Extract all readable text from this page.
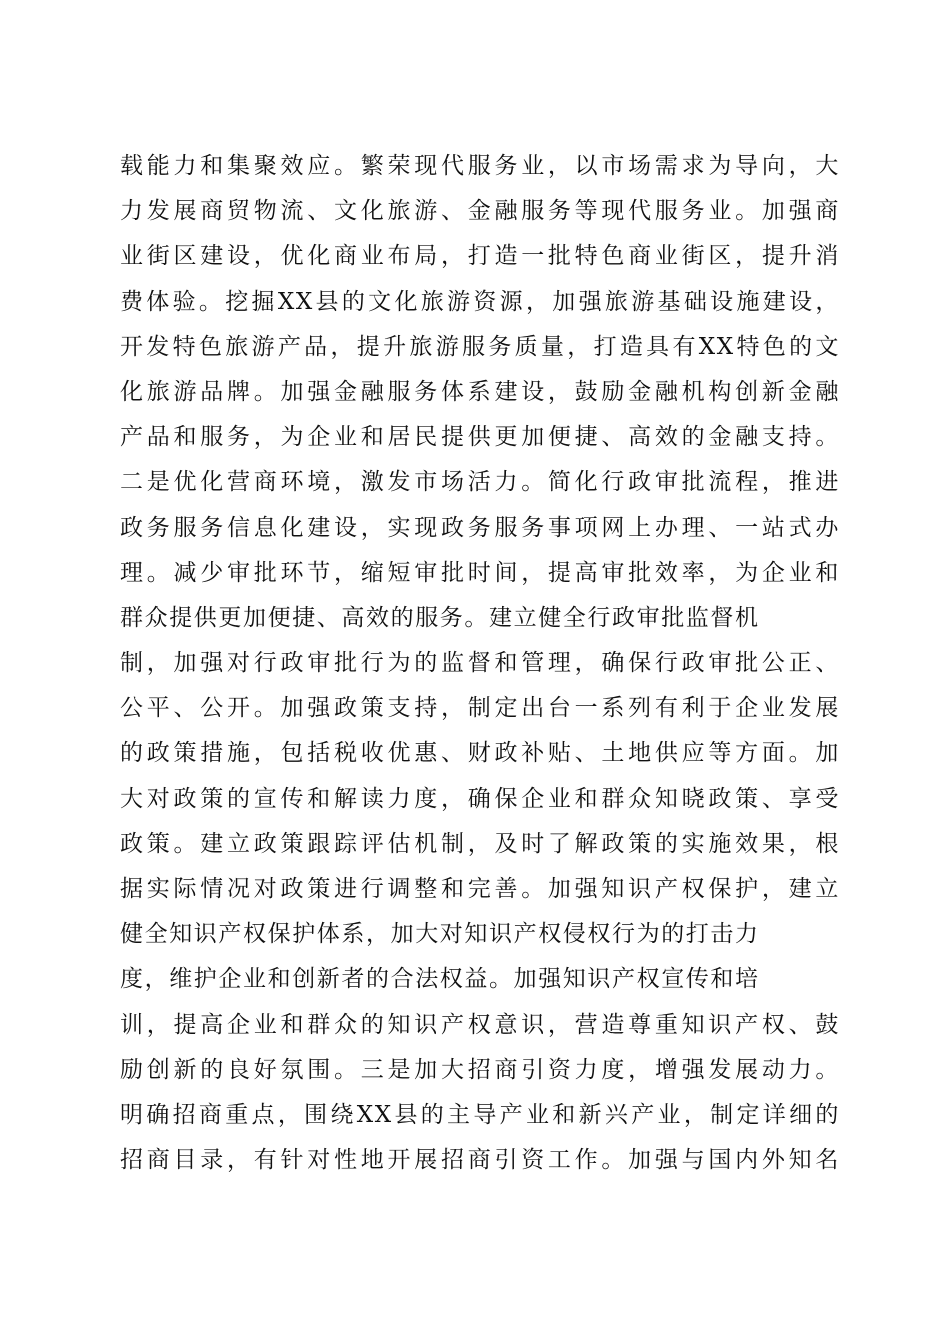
载能力和集聚效应。繁荣现代服务业，以市场需求为导向，大
力发展商贸物流、文化旅游、金融服务等现代服务业。加强商
业街区建设，优化商业布局，打造一批特色商业街区，提升消
费体验。挖掘XX县的文化旅游资源，加强旅游基础设施建设，
开发特色旅游产品，提升旅游服务质量，打造具有XX特色的文
化旅游品牌。加强金融服务体系建设，鼓励金融机构创新金融
产品和服务，为企业和居民提供更加便捷、高效的金融支持。
二是优化营商环境，激发市场活力。简化行政审批流程，推进
政务服务信息化建设，实现政务服务事项网上办理、一站式办
理。减少审批环节，缩短审批时间，提高审批效率，为企业和
群众提供更加便捷、高效的服务。建立健全行政审批监督机
制，加强对行政审批行为的监督和管理，确保行政审批公正、
公平、公开。加强政策支持，制定出台一系列有利于企业发展
的政策措施，包括税收优惠、财政补贴、土地供应等方面。加
大对政策的宣传和解读力度，确保企业和群众知晓政策、享受
政策。建立政策跟踪评估机制，及时了解政策的实施效果，根
据实际情况对政策进行调整和完善。加强知识产权保护，建立
健全知识产权保护体系，加大对知识产权侵权行为的打击力
度，维护企业和创新者的合法权益。加强知识产权宣传和培
训，提高企业和群众的知识产权意识，营造尊重知识产权、鼓
励创新的良好氛围。三是加大招商引资力度，增强发展动力。
明确招商重点，围绕XX县的主导产业和新兴产业，制定详细的
招商目录，有针对性地开展招商引资工作。加强与国内外知名
